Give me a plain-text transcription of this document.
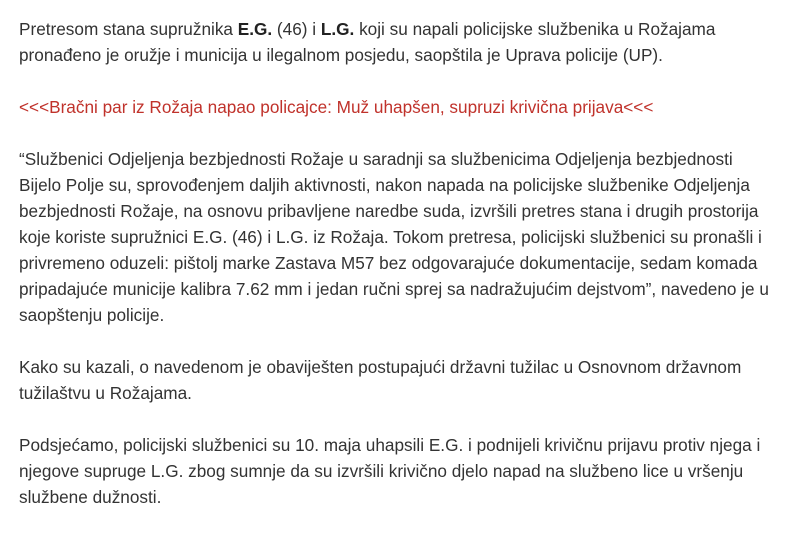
Pretresom stana supružnika E.G. (46) i L.G. koji su napali policijske službenika u Rožajama pronađeno je oružje i municija u ilegalnom posjedu, saopštila je Uprava policije (UP).

<<<Bračni par iz Rožaja napao policajce: Muž uhapšen, supruzi krivična prijava<<<

“Službenici Odjeljenja bezbjednosti Rožaje u saradnji sa službenicima Odjeljenja bezbjednosti Bijelo Polje su, sprovođenjem daljih aktivnosti, nakon napada na policijske službenike Odjeljenja bezbjednosti Rožaje, na osnovu pribavljene naredbe suda, izvršili pretres stana i drugih prostorija koje koriste supružnici E.G. (46) i L.G. iz Rožaja. Tokom pretresa, policijski službenici su pronašli i privremeno oduzeli: pištolj marke Zastava M57 bez odgovarajuće dokumentacije, sedam komada pripadajuće municije kalibra 7.62 mm i jedan ručni sprej sa nadražujućim dejstvom”, navedeno je u saopštenju policije.

Kako su kazali, o navedenom je obaviješten postupajući državni tužilac u Osnovnom državnom tužilaštvu u Rožajama.

Podsjećamo, policijski službenici su 10. maja uhapsili E.G. i podnijeli krivičnu prijavu protiv njega i njegove supruge L.G. zbog sumnje da su izvršili krivično djelo napad na službeno lice u vršenju službene dužnosti.
